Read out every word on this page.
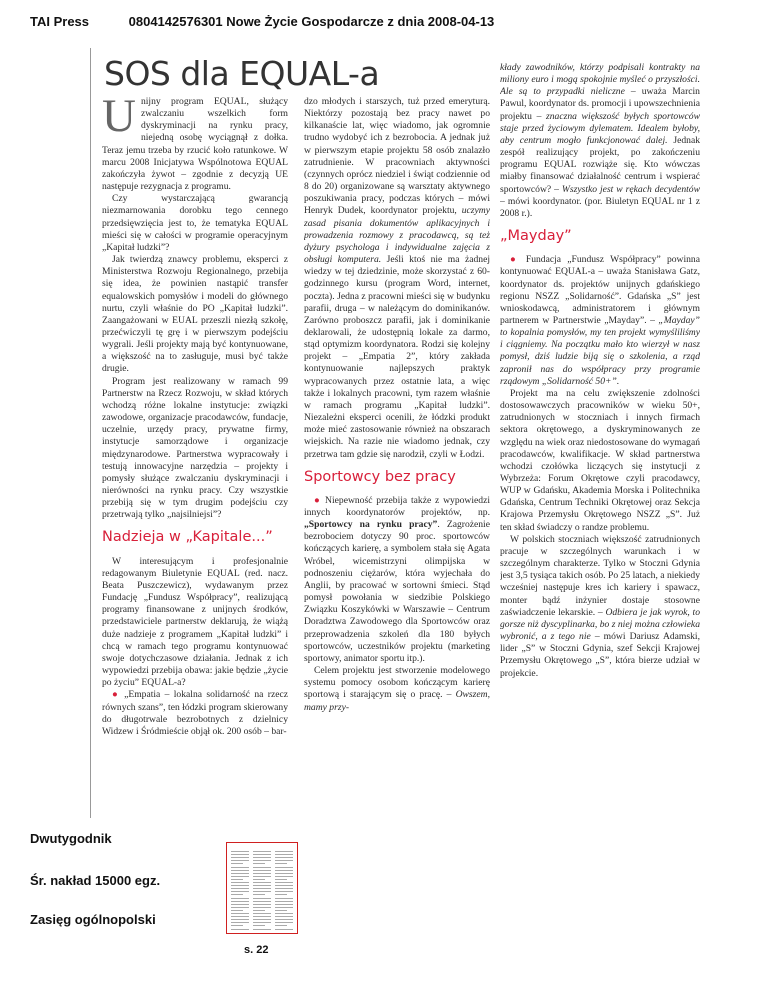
TAI Press	0804142576301 Nowe Życie Gospodarcze z dnia 2008-04-13
SOS dla EQUAL-a

Unijny program EQUAL, służący zwalczaniu wszelkich form dyskryminacji na rynku pracy, niejedną osobę wyciągnął z dołka. Teraz jemu trzeba by rzucić koło ratunkowe. W marcu 2008 Inicjatywa Wspólnotowa EQUAL zakończyła żywot – zgodnie z decyzją UE następuje rezygnacja z programu.

Czy wystarczającą gwarancją niezmarnowania dorobku tego cennego przedsięwzięcia jest to, że tematyka EQUAL mieści się w całości w programie operacyjnym „Kapitał ludzki”?

Jak twierdzą znawcy problemu, eksperci z Ministerstwa Rozwoju Regionalnego, przebija się idea, że powinien nastąpić transfer equalowskich pomysłów i modeli do głównego nurtu, czyli właśnie do PO „Kapitał ludzki”. Zaangażowani w EUAL przeszli niezłą szkołę, przećwiczyli tę grę i w pierwszym podejściu wygrali. Jeśli projekty mają być kontynuowane, a większość na to zasługuje, musi być także drugie.

Program jest realizowany w ramach 99 Partnerstw na Rzecz Rozwoju, w skład których wchodzą różne lokalne instytucje: związki zawodowe, organizacje pracodawców, fundacje, uczelnie, urzędy pracy, prywatne firmy, instytucje samorządowe i organizacje międzynarodowe. Partnerstwa wypracowały i testują innowacyjne narzędzia – projekty i pomysły służące zwalczaniu dyskryminacji i nierówności na rynku pracy. Czy wszystkie przebiją się w tym drugim podejściu czy przetrwają tylko „najsilniejsi”?

Nadzieja w „Kapitale...”

W interesującym i profesjonalnie redagowanym Biuletynie EQUAL (red. nacz. Beata Puszczewicz), wydawanym przez Fundację „Fundusz Współpracy”, realizującą programy finansowane z unijnych środków, przedstawiciele partnerstw deklarują, że wiążą duże nadzieje z programem „Kapitał ludzki” i chcą w ramach tego programu kontynuować swoje dotychczasowe działania. Jednak z ich wypowiedzi przebija obawa: jakie będzie „życie po życiu” EQUAL-a?

● „Empatia – lokalna solidarność na rzecz równych szans”, ten łódzki program skierowany do długotrwale bezrobotnych z dzielnicy Widzew i Śródmieście objął ok. 200 osób – bar-

dzo młodych i starszych, tuż przed emeryturą. Niektórzy pozostają bez pracy nawet po kilkanaście lat, więc wiadomo, jak ogromnie trudno wydobyć ich z bezrobocia. A jednak już w pierwszym etapie projektu 58 osób znalazło zatrudnienie. W pracowniach aktywności (czynnych oprócz niedziel i świąt codziennie od 8 do 20) organizowane są warsztaty aktywnego poszukiwania pracy, podczas których – mówi Henryk Dudek, koordynator projektu, uczymy zasad pisania dokumentów aplikacyjnych i prowadzenia rozmowy z pracodawcą, są też dyżury psychologa i indywidualne zajęcia z obsługi komputera. Jeśli ktoś nie ma żadnej wiedzy w tej dziedzinie, może skorzystać z 60-godzinnego kursu (program Word, internet, poczta). Jedna z pracowni mieści się w budynku parafii, druga – w należącym do dominikanów. Zarówno proboszcz parafii, jak i dominikanie deklarowali, że udostępnią lokale za darmo, stąd optymizm koordynatora. Rodzi się kolejny projekt – „Empatia 2”, który zakłada kontynuowanie najlepszych praktyk wypracowanych przez ostatnie lata, a więc także i lokalnych pracowni, tym razem właśnie w ramach programu „Kapitał ludzki”. Niezależni eksperci ocenili, że łódzki produkt może mieć zastosowanie również na obszarach wiejskich. Na razie nie wiadomo jednak, czy przetrwa tam gdzie się narodził, czyli w Łodzi.

Sportowcy bez pracy

● Niepewność przebija także z wypowiedzi innych koordynatorów projektów, np. „Sportowcy na rynku pracy”. Zagrożenie bezrobociem dotyczy 90 proc. sportowców kończących karierę, a symbolem stała się Agata Wróbel, wicemistrzyni olimpijska w podnoszeniu ciężarów, która wyjechała do Anglii, by pracować w sortowni śmieci. Stąd pomysł powołania w siedzibie Polskiego Związku Koszykówki w Warszawie – Centrum Doradztwa Zawodowego dla Sportowców oraz przeprowadzenia szkoleń dla 180 byłych sportowców, uczestników projektu (marketing sportowy, animator sportu itp.).

Celem projektu jest stworzenie modelowego systemu pomocy osobom kończącym karierę sportową i starającym się o pracę. – Owszem, mamy przy-

kłady zawodników, którzy podpisali kontrakty na miliony euro i mogą spokojnie myśleć o przyszłości. Ale są to przypadki nieliczne – uważa Marcin Pawul, koordynator ds. promocji i upowszechnienia projektu – znaczna większość byłych sportowców staje przed życiowym dylematem. Idealem byłoby, aby centrum mogło funkcjonować dalej. Jednak zespół realizujący projekt, po zakończeniu programu EQUAL rozwiąże się. Kto wówczas miałby finansować działalność centrum i wspierać sportowców? – Wszystko jest w rękach decydentów – mówi koordynator. (por. Biuletyn EQUAL nr 1 z 2008 r.).

„Mayday”

● Fundacja „Fundusz Współpracy” powinna kontynuować EQUAL-a – uważa Stanisława Gatz, koordynator ds. projektów unijnych gdańskiego regionu NSZZ „Solidarność”. Gdańska „S” jest wnioskodawcą, administratorem i głównym partnerem w Partnerstwie „Mayday”. – „Mayday” to kopalnia pomysłów, my ten projekt wymyśliliśmy i ciągniemy. Na początku mało kto wierzył w nasz pomysł, dziś ludzie biją się o szkolenia, a rząd zapronił nas do współpracy przy programie rządowym „Solidarność 50+”.

Projekt ma na celu zwiększenie zdolności dostosowawczych pracowników w wieku 50+, zatrudnionych w stoczniach i innych firmach sektora okrętowego, a dyskryminowanych ze względu na wiek oraz niedostosowane do wymagań pracodawców, kwalifikacje. W skład partnerstwa wchodzi czołówka liczących się instytucji z Wybrzeża: Forum Okrętowe czyli pracodawcy, WUP w Gdańsku, Akademia Morska i Politechnika Gdańska, Centrum Techniki Okrętowej oraz Sekcja Krajowa Przemysłu Okrętowego NSZZ „S”. Już ten skład świadczy o randze problemu.

W polskich stoczniach większość zatrudnionych pracuje w szczególnych warunkach i w szczególnym charakterze. Tylko w Stoczni Gdynia jest 3,5 tysiąca takich osób. Po 25 latach, a niekiedy wcześniej następuje kres ich kariery i spawacz, monter bądź inżynier dostaje stosowne zaświadczenie lekarskie. – Odbiera je jak wyrok, to gorsze niż dyscyplinarka, bo z niej można człowieka wybronić, a z tego nie – mówi Dariusz Adamski, lider „S” w Stoczni Gdynia, szef Sekcji Krajowej Przemysłu Okrętowego „S”, która bierze udział w projekcie.

Dwutygodnik
Śr. nakład 15000 egz.
Zasięg ogólnopolski
s. 22
